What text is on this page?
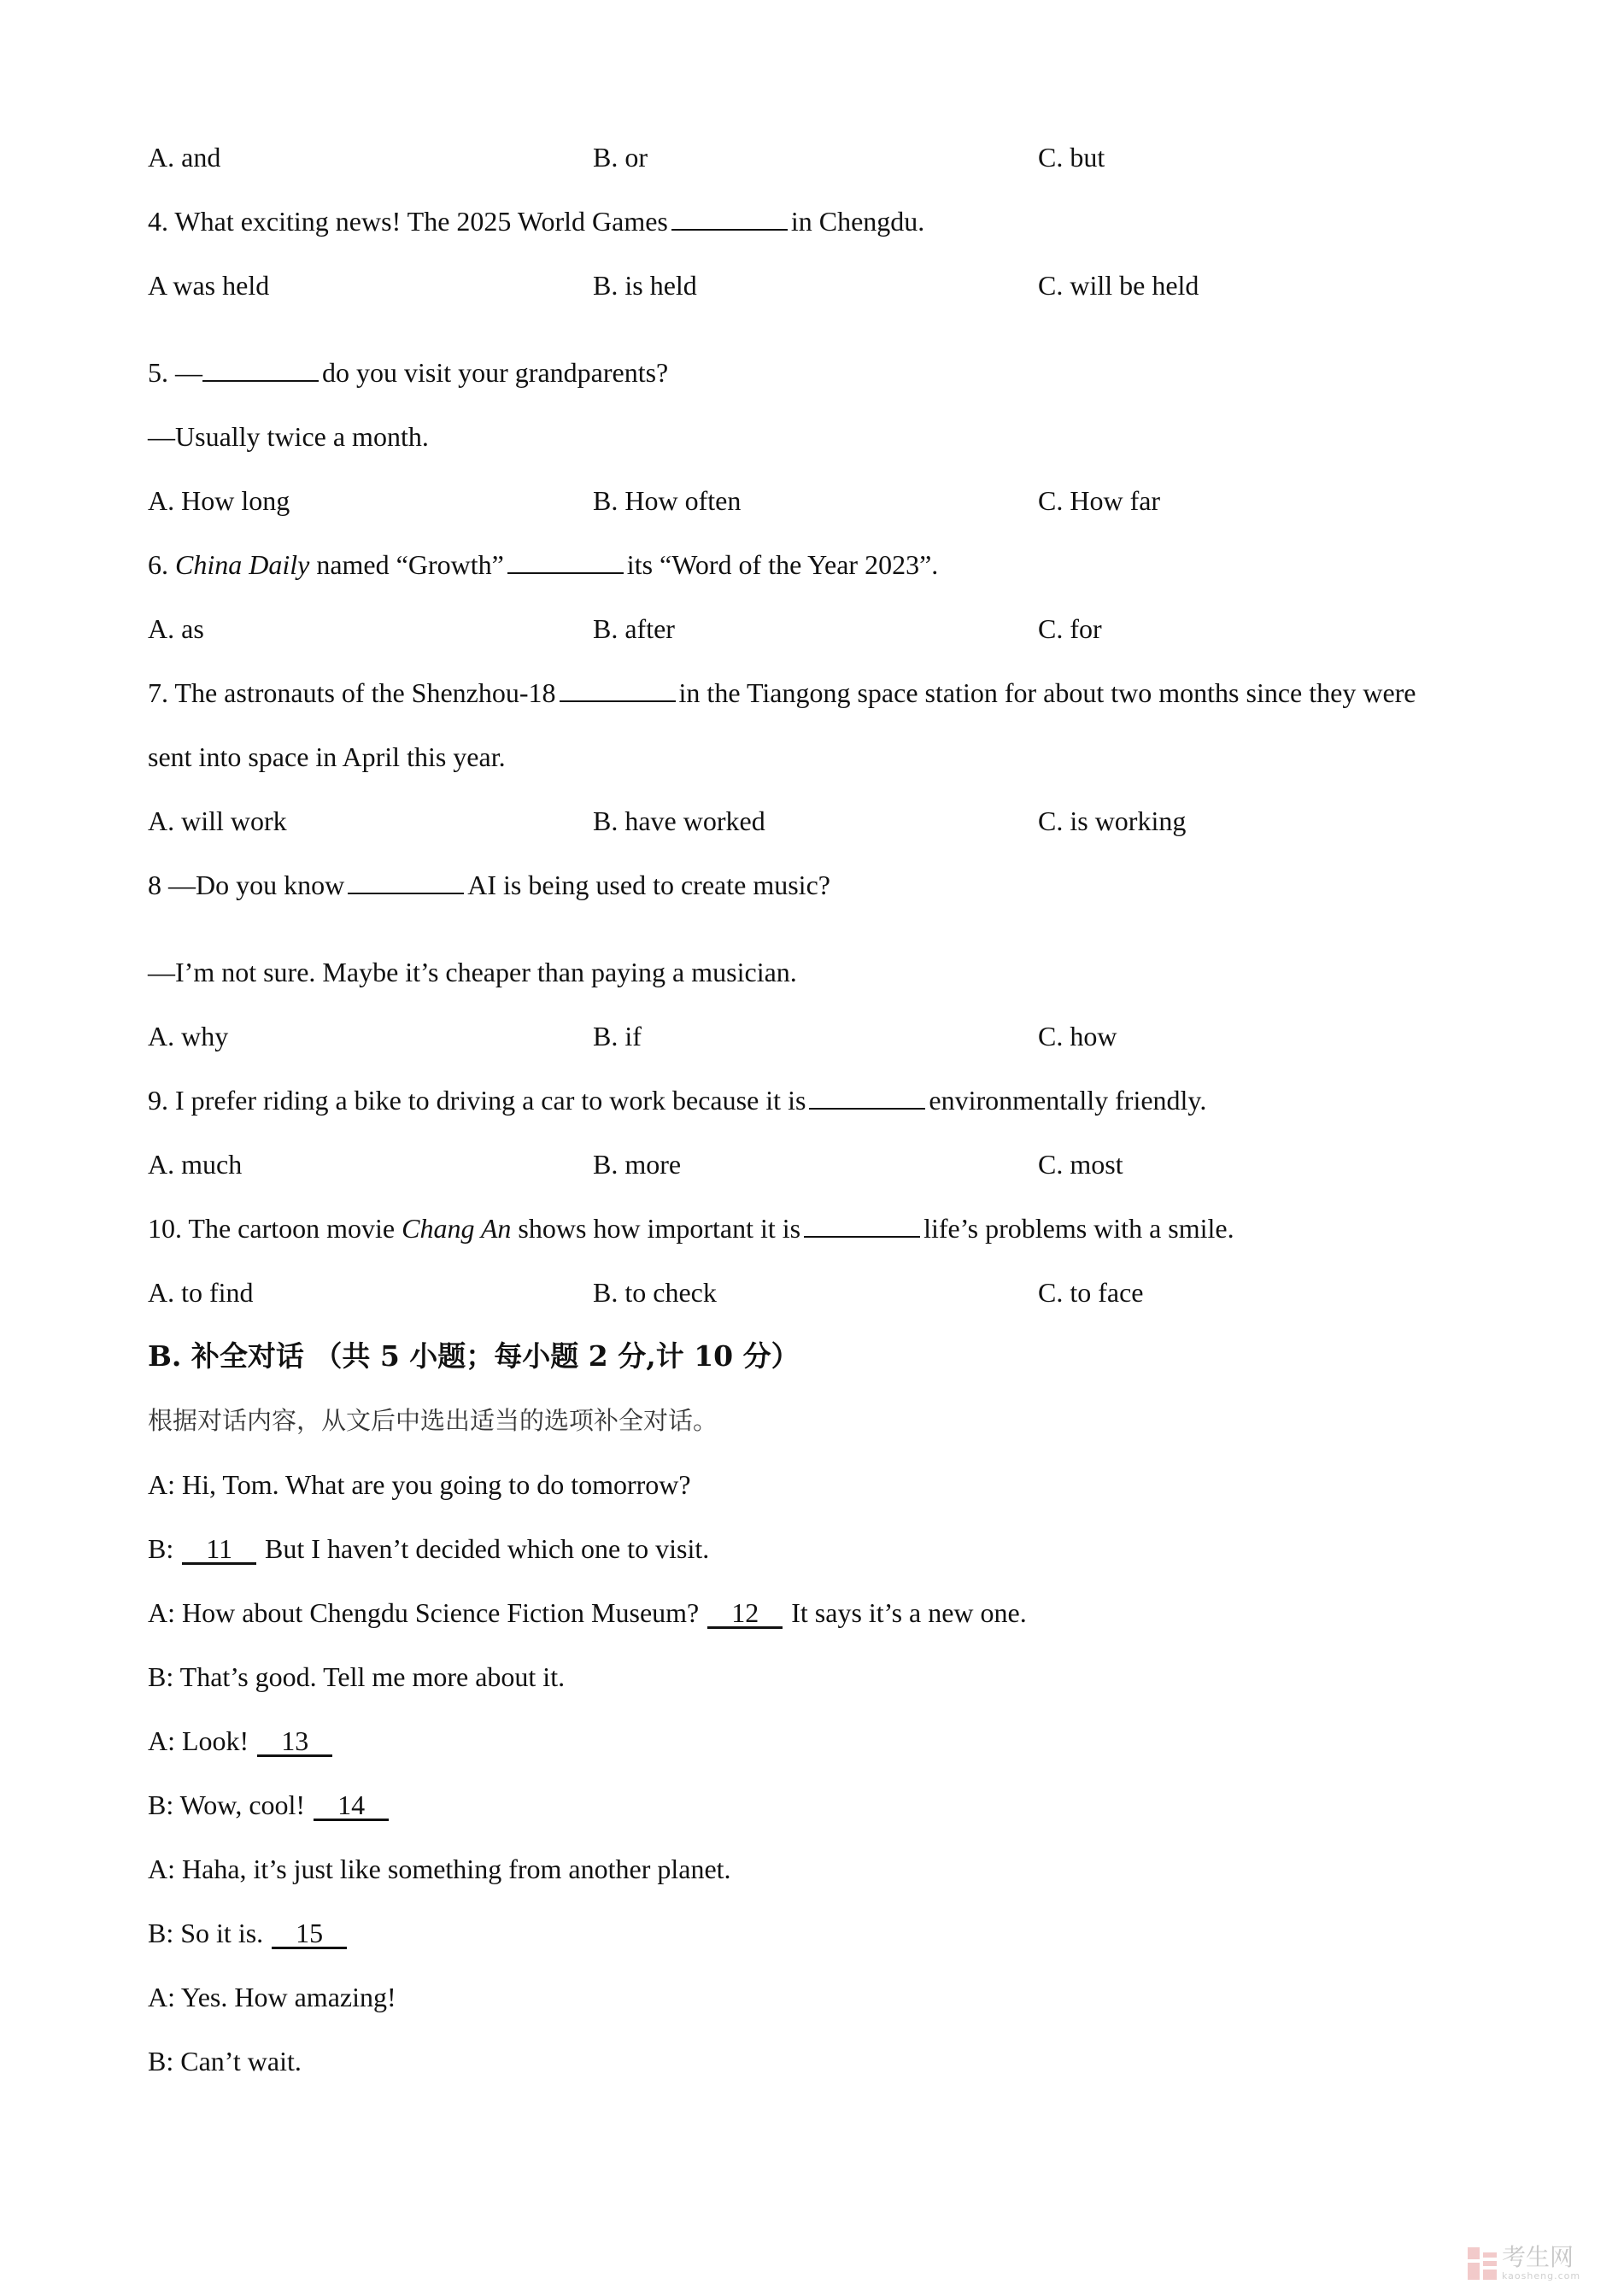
A. and	B. or	C. but
4. What exciting news! The 2025 World Games	in Chengdu.
A was held	B. is held	C. will be held
5. —	do you visit your grandparents?
—Usually twice a month.
A. How long	B. How often	C. How far
6. China Daily named “Growth”	its “Word of the Year 2023”.
A. as	B. after	C. for
7. The astronauts of the Shenzhou-18	in the Tiangong space station for about two months since they were
sent into space in April this year.
A. will work	B. have worked	C. is working
8 —Do you know	AI is being used to create music?
—I’m not sure. Maybe it’s cheaper than paying a musician.
A. why	B. if	C. how
9. I prefer riding a bike to driving a car to work because it is	environmentally friendly.
A. much	B. more	C. most
10. The cartoon movie Chang An shows how important it is	life’s problems with a smile.
A. to find	B. to check	C. to face
B. 补全对话 （共 5 小题；每小题 2 分,计 10 分）
根据对话内容，从文后中选出适当的选项补全对话。
A: Hi, Tom. What are you going to do tomorrow?
B: 11 But I haven’t decided which one to visit.
A: How about Chengdu Science Fiction Museum? 12 It says it’s a new one.
B: That’s good. Tell me more about it.
A: Look! 13
B: Wow, cool! 14
A: Haha, it’s just like something from another planet.
B: So it is. 15
A: Yes. How amazing!
B: Can’t wait.
考生网
kaosheng.com
